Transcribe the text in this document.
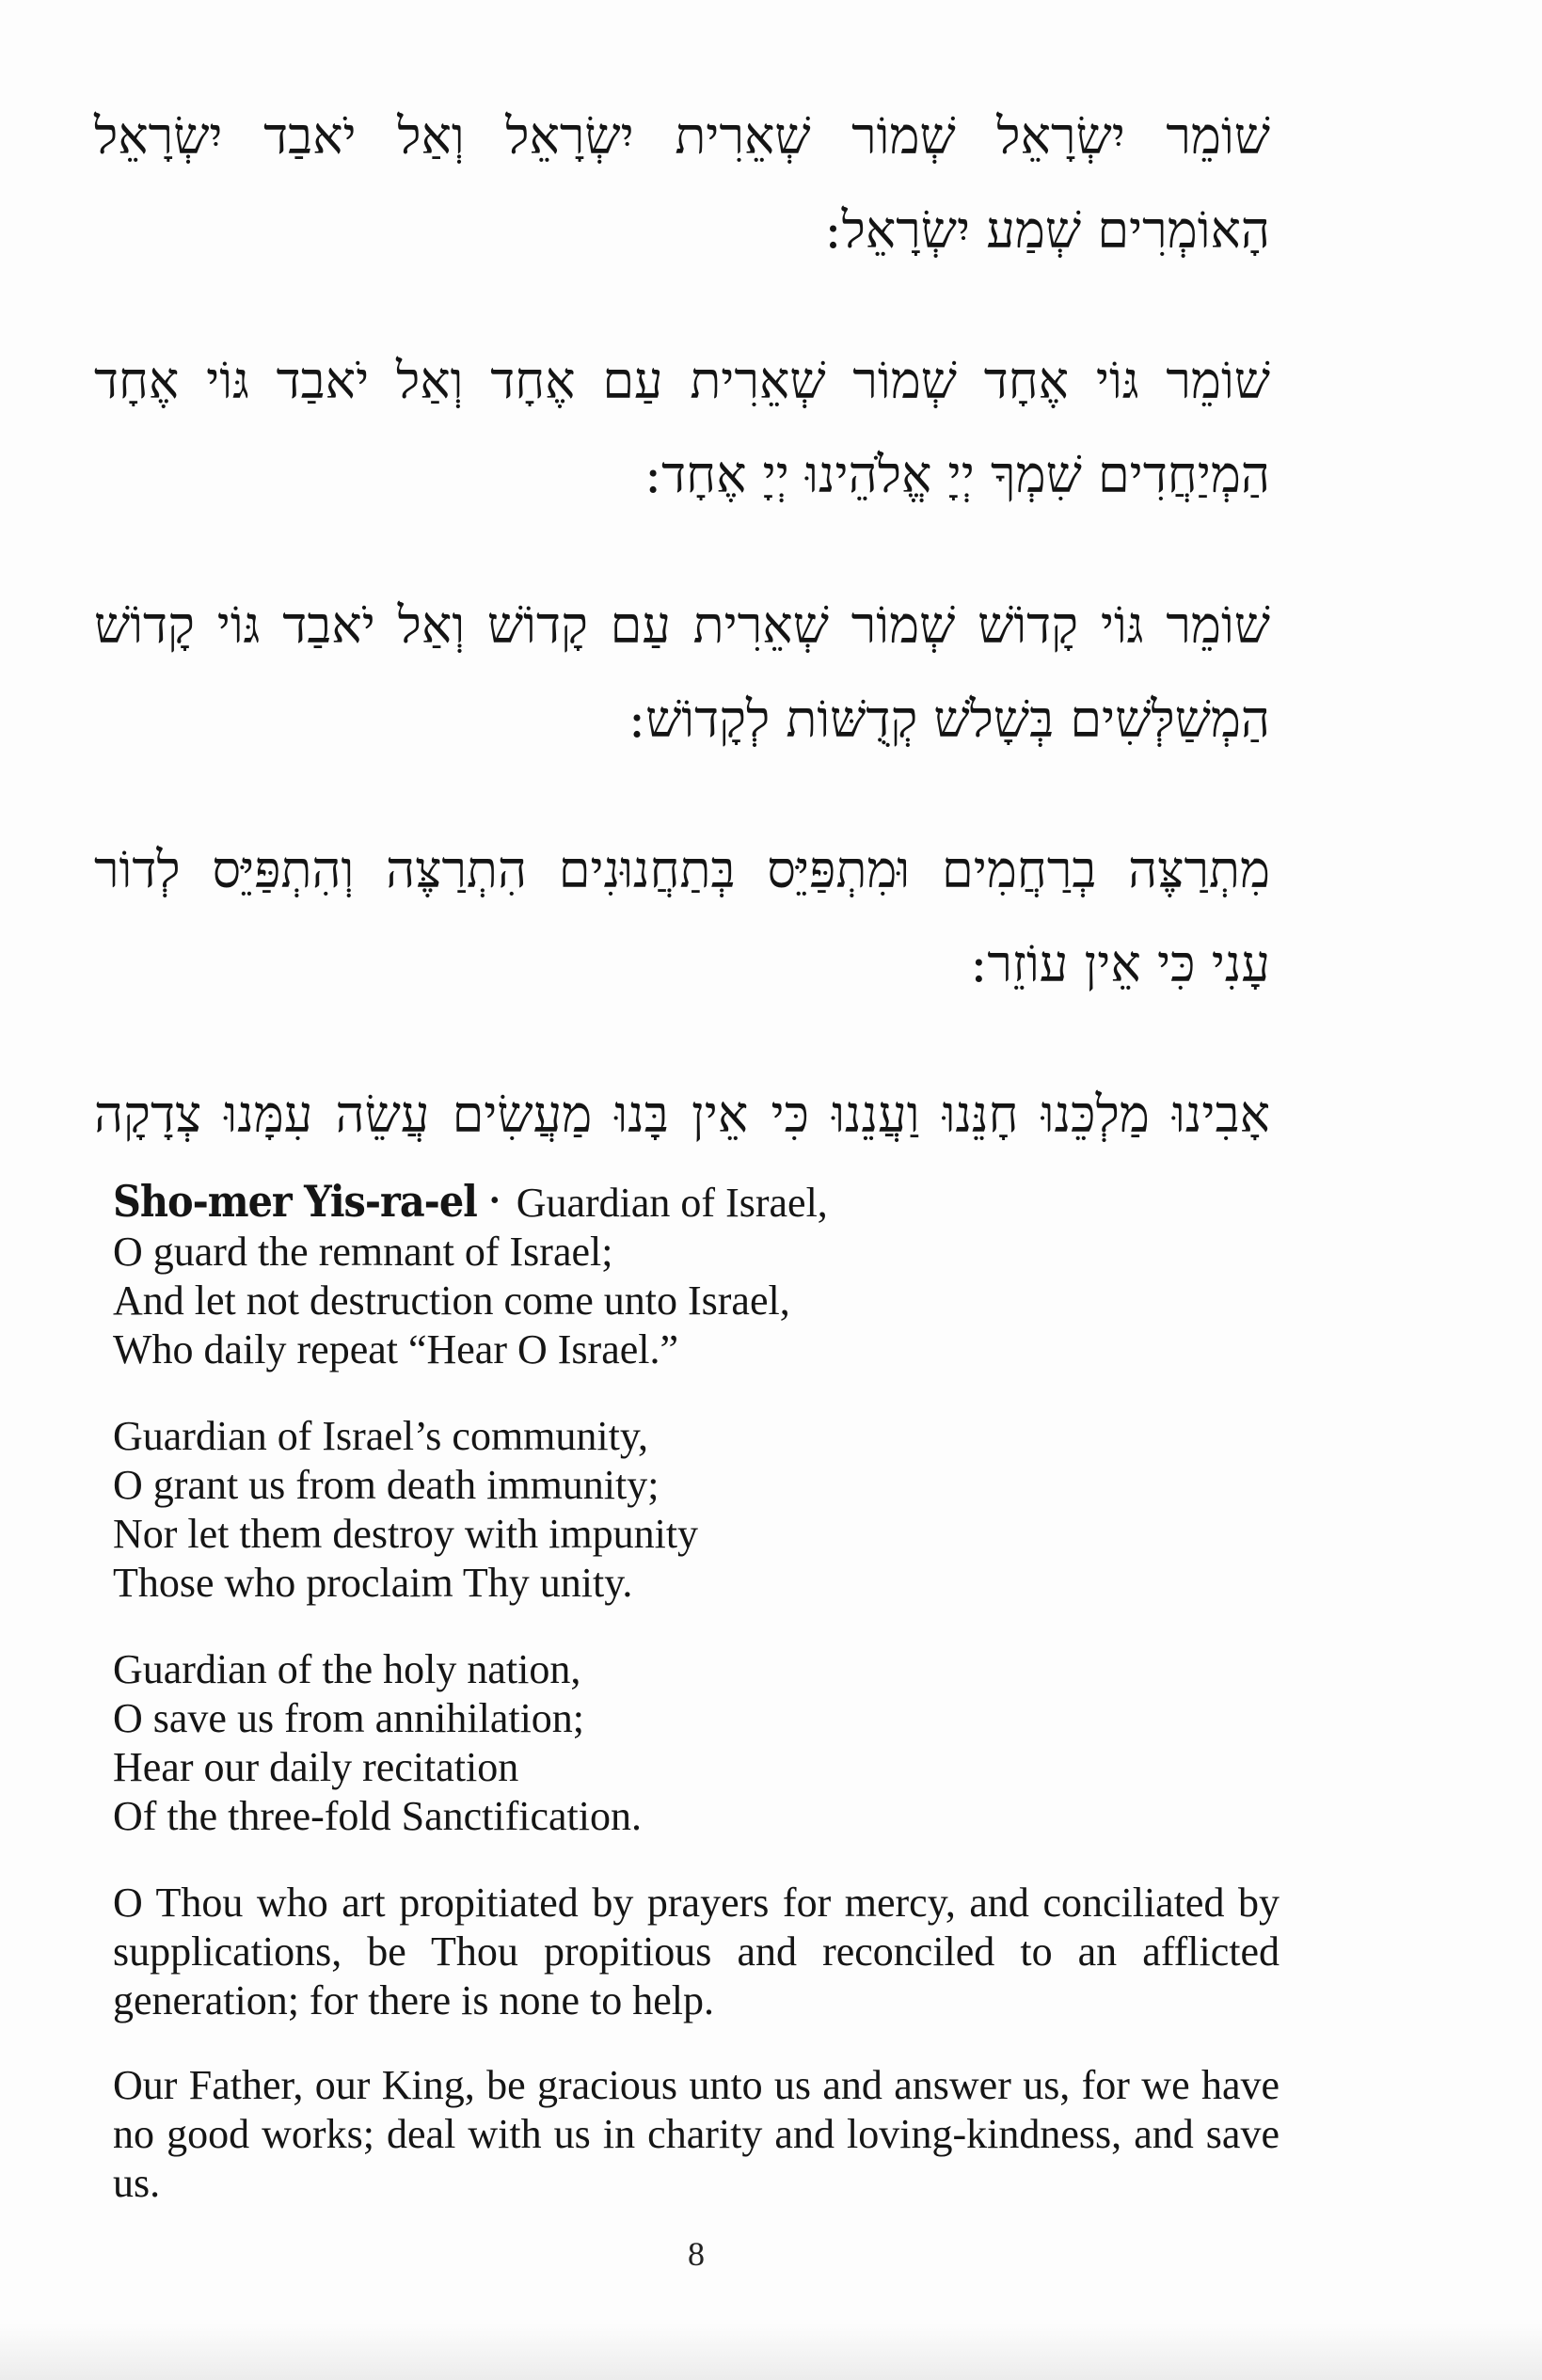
שׁוֹמֵר יִשְׂרָאֵל שְׁמוֹר שְׁאֵרִית יִשְׂרָאֵל וְאַל יֹאבַד יִשְׂרָאֵל
הָאוֹמְרִים שְׁמַע יִשְׂרָאֵל:
שׁוֹמֵר גּוֹי אֶחָד שְׁמוֹר שְׁאֵרִית עַם אֶחָד וְאַל יֹאבַד גּוֹי אֶחָד
הַמְיַחֲדִים שִׁמְךָ יְיָ אֱלֹהֵינוּ יְיָ אֶחָד:
שׁוֹמֵר גּוֹי קָדוֹשׁ שְׁמוֹר שְׁאֵרִית עַם קָדוֹשׁ וְאַל יֹאבַד גּוֹי קָדוֹשׁ
הַמְשַׁלְּשִׁים בְּשָׁלֹשׁ קְדֻשּׁוֹת לְקָדוֹשׁ:
מִתְרַצֶּה בְרַחֲמִים וּמִתְפַּיֵּס בְּתַחֲנוּנִים הִתְרַצֶּה וְהִתְפַּיֵּס לְדוֹר
עָנִי כִּי אֵין עוֹזֵר:
אָבִינוּ מַלְכֵּנוּ חָנֵּנוּ וַעֲנֵנוּ כִּי אֵין בָּנוּ מַעֲשִׂים עֲשֵׂה עִמָּנוּ צְדָקָה
Sho-mer Yis-ra-el • Guardian of Israel,
O guard the remnant of Israel;
And let not destruction come unto Israel,
Who daily repeat “Hear O Israel.”
Guardian of Israel’s community,
O grant us from death immunity;
Nor let them destroy with impunity
Those who proclaim Thy unity.
Guardian of the holy nation,
O save us from annihilation;
Hear our daily recitation
Of the three-fold Sanctification.

O Thou who art propitiated by prayers for mercy, and conciliated by supplications, be Thou propitious and reconciled to an afflicted generation; for there is none to help.

Our Father, our King, be gracious unto us and answer us, for we have no good works; deal with us in charity and loving-kindness, and save us.

8
